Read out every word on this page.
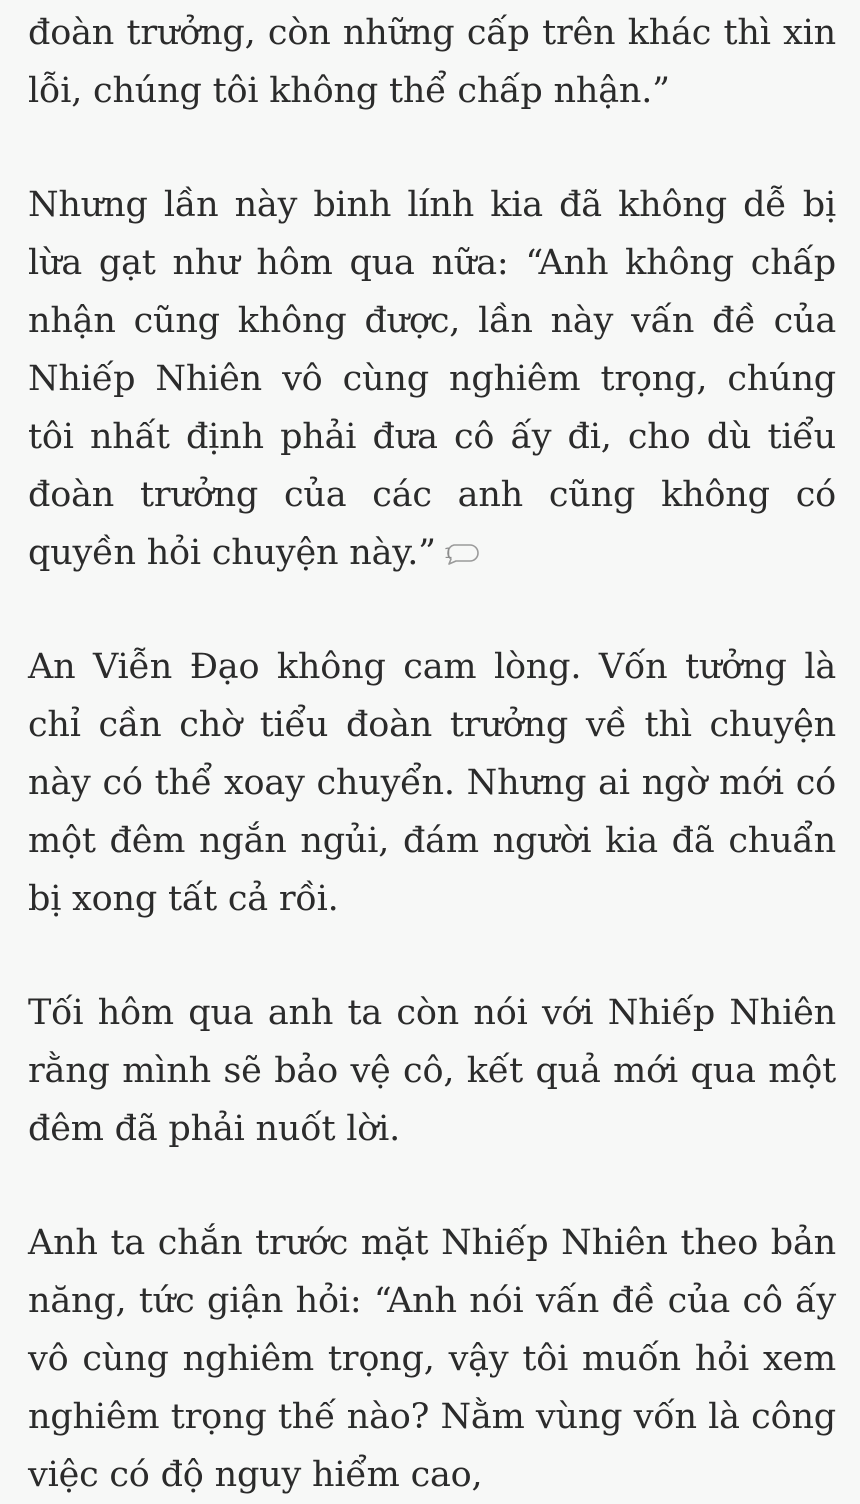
đoàn trưởng, còn những cấp trên khác thì xin lỗi, chúng tôi không thể chấp nhận.”

Nhưng lần này binh lính kia đã không dễ bị lừa gạt như hôm qua nữa: “Anh không chấp nhận cũng không được, lần này vấn đề của Nhiếp Nhiên vô cùng nghiêm trọng, chúng tôi nhất định phải đưa cô ấy đi, cho dù tiểu đoàn trưởng của các anh cũng không có quyền hỏi chuyện này.” 1

An Viễn Đạo không cam lòng. Vốn tưởng là chỉ cần chờ tiểu đoàn trưởng về thì chuyện này có thể xoay chuyển. Nhưng ai ngờ mới có một đêm ngắn ngủi, đám người kia đã chuẩn bị xong tất cả rồi.

Tối hôm qua anh ta còn nói với Nhiếp Nhiên rằng mình sẽ bảo vệ cô, kết quả mới qua một đêm đã phải nuốt lời.

Anh ta chắn trước mặt Nhiếp Nhiên theo bản năng, tức giận hỏi: “Anh nói vấn đề của cô ấy vô cùng nghiêm trọng, vậy tôi muốn hỏi xem nghiêm trọng thế nào? Nằm vùng vốn là công việc có độ nguy hiểm cao,
